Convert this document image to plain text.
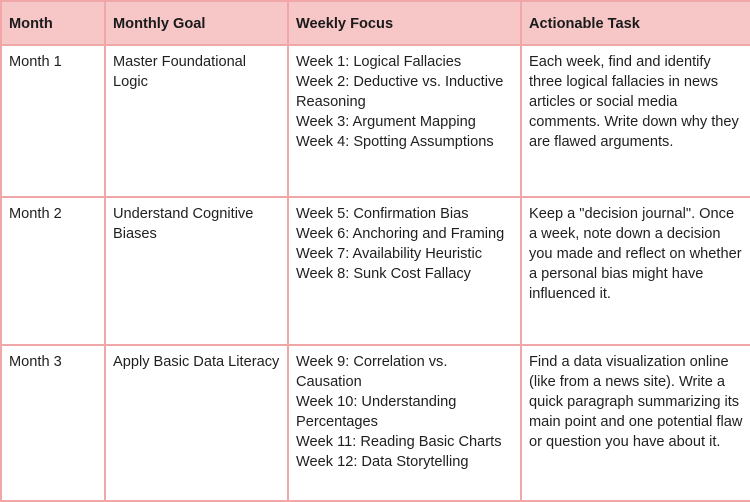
Month	Monthly Goal	Weekly Focus	Actionable Task
Month 1	Master Foundational Logic	Week 1: Logical Fallacies
Week 2: Deductive vs. Inductive Reasoning
Week 3: Argument Mapping
Week 4: Spotting Assumptions	Each week, find and identify three logical fallacies in news articles or social media comments. Write down why they are flawed arguments.
Month 2	Understand Cognitive Biases	Week 5: Confirmation Bias
Week 6: Anchoring and Framing
Week 7: Availability Heuristic
Week 8: Sunk Cost Fallacy	Keep a "decision journal". Once a week, note down a decision you made and reflect on whether a personal bias might have influenced it.
Month 3	Apply Basic Data Literacy	Week 9: Correlation vs. Causation
Week 10: Understanding Percentages
Week 11: Reading Basic Charts
Week 12: Data Storytelling	Find a data visualization online (like from a news site). Write a quick paragraph summarizing its main point and one potential flaw or question you have about it.
